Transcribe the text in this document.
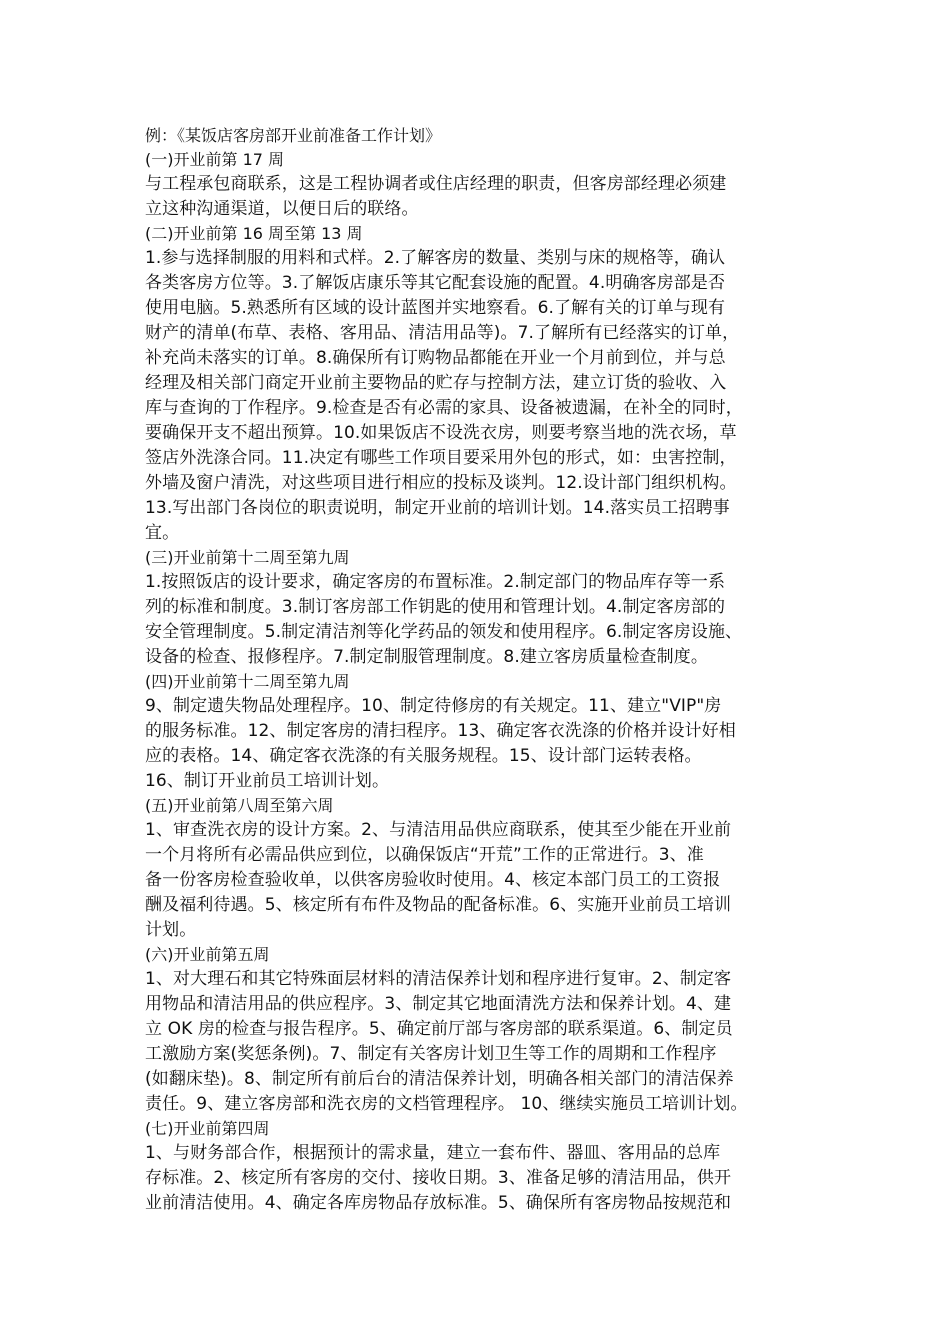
例：《某饭店客房部开业前准备工作计划》

(一)开业前第 17 周

与工程承包商联系，这是工程协调者或住店经理的职责，但客房部经理必须建

立这种沟通渠道，以便日后的联络。

(二)开业前第 16 周至第 13 周

1.参与选择制服的用料和式样。2.了解客房的数量、类别与床的规格等，确认

各类客房方位等。3.了解饭店康乐等其它配套设施的配置。4.明确客房部是否

使用电脑。5.熟悉所有区域的设计蓝图并实地察看。6.了解有关的订单与现有

财产的清单(布草、表格、客用品、清洁用品等)。7.了解所有已经落实的订单，

补充尚未落实的订单。8.确保所有订购物品都能在开业一个月前到位，并与总

经理及相关部门商定开业前主要物品的贮存与控制方法，建立订货的验收、入

库与查询的丁作程序。9.检查是否有必需的家具、设备被遗漏，在补全的同时，

要确保开支不超出预算。10.如果饭店不设洗衣房，则要考察当地的洗衣场，草

签店外洗涤合同。11.决定有哪些工作项目要采用外包的形式，如：虫害控制，

外墙及窗户清洗，对这些项目进行相应的投标及谈判。12.设计部门组织机构。

13.写出部门各岗位的职责说明，制定开业前的培训计划。14.落实员工招聘事

宜。

(三)开业前第十二周至第九周

1.按照饭店的设计要求，确定客房的布置标准。2.制定部门的物品库存等一系

列的标准和制度。3.制订客房部工作钥匙的使用和管理计划。4.制定客房部的

安全管理制度。5.制定清洁剂等化学药品的领发和使用程序。6.制定客房设施、

设备的检查、报修程序。7.制定制服管理制度。8.建立客房质量检查制度。

(四)开业前第十二周至第九周

9、制定遗失物品处理程序。10、制定待修房的有关规定。11、建立"VIP"房

的服务标准。12、制定客房的清扫程序。13、确定客衣洗涤的价格并设计好相

应的表格。14、确定客衣洗涤的有关服务规程。15、设计部门运转表格。

16、制订开业前员工培训计划。

(五)开业前第八周至第六周

1、审查洗衣房的设计方案。2、与清洁用品供应商联系，使其至少能在开业前

一个月将所有必需品供应到位，以确保饭店“开荒”工作的正常进行。3、准

备一份客房检查验收单，以供客房验收时使用。4、核定本部门员工的工资报

酬及福利待遇。5、核定所有布件及物品的配备标准。6、实施开业前员工培训

计划。

(六)开业前第五周

1、对大理石和其它特殊面层材料的清洁保养计划和程序进行复审。2、制定客

用物品和清洁用品的供应程序。3、制定其它地面清洗方法和保养计划。4、建

立 OK 房的检查与报告程序。5、确定前厅部与客房部的联系渠道。6、制定员

工激励方案(奖惩条例)。7、制定有关客房计划卫生等工作的周期和工作程序

(如翻床垫)。8、制定所有前后台的清洁保养计划，明确各相关部门的清洁保养

责任。9、建立客房部和洗衣房的文档管理程序。 10、继续实施员工培训计划。

(七)开业前第四周

1、与财务部合作，根据预计的需求量，建立一套布件、器皿、客用品的总库

存标准。2、核定所有客房的交付、接收日期。3、准备足够的清洁用品，供开

业前清洁使用。4、确定各库房物品存放标准。5、确保所有客房物品按规范和
